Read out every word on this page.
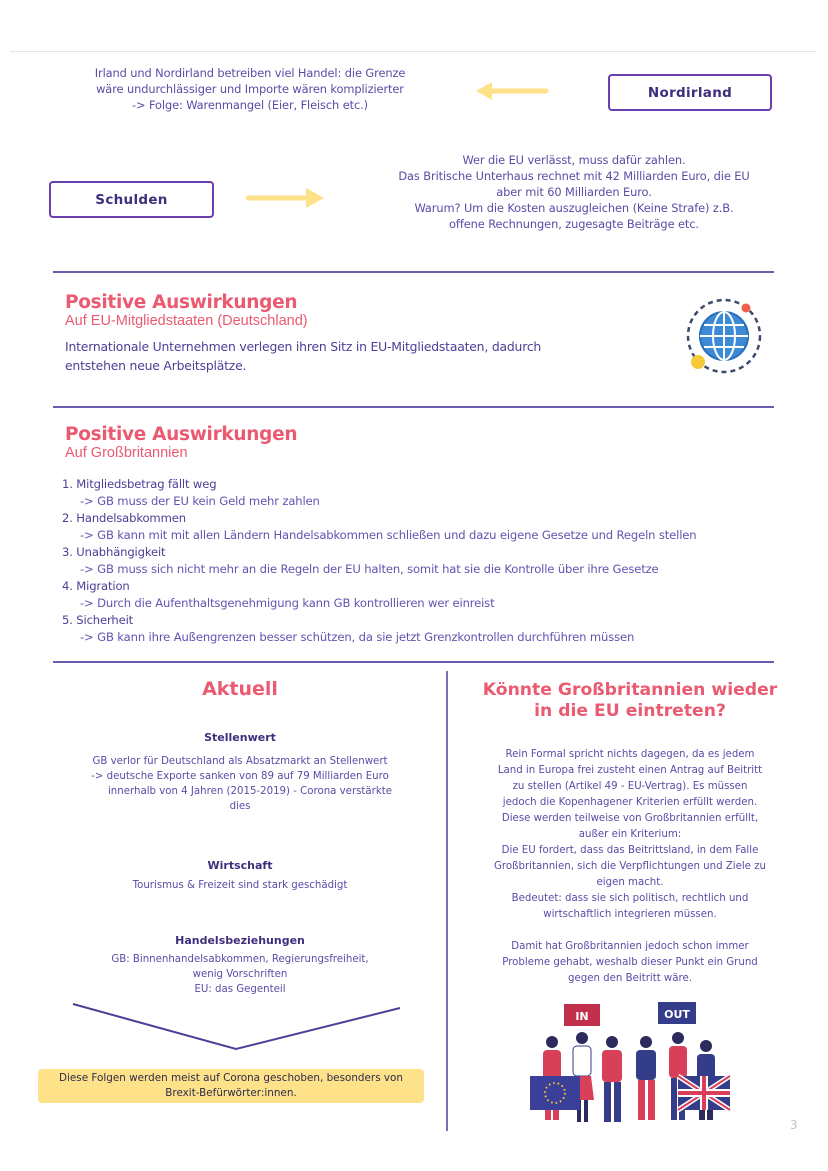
Irland und Nordirland betreiben viel Handel: die Grenze
wäre undurchlässiger und Importe wären komplizierter
-> Folge: Warenmangel (Eier, Fleisch etc.)
Nordirland
Schulden
Wer die EU verlässt, muss dafür zahlen.
Das Britische Unterhaus rechnet mit 42 Milliarden Euro, die EU
aber mit 60 Milliarden Euro.
Warum? Um die Kosten auszugleichen (Keine Strafe) z.B.
offene Rechnungen, zugesagte Beiträge etc.
Positive Auswirkungen
Auf EU-Mitgliedstaaten (Deutschland)
Internationale Unternehmen verlegen ihren Sitz in EU-Mitgliedstaaten, dadurch
entstehen neue Arbeitsplätze.
Positive Auswirkungen
Auf Großbritannien
1. Mitgliedsbetrag fällt weg
-> GB muss der EU kein Geld mehr zahlen
2. Handelsabkommen
-> GB kann mit mit allen Ländern Handelsabkommen schließen und dazu eigene Gesetze und Regeln stellen
3. Unabhängigkeit
-> GB muss sich nicht mehr an die Regeln der EU halten, somit hat sie die Kontrolle über ihre Gesetze
4. Migration
-> Durch die Aufenthaltsgenehmigung kann GB kontrollieren wer einreist
5. Sicherheit
-> GB kann ihre Außengrenzen besser schützen, da sie jetzt Grenzkontrollen durchführen müssen
Aktuell
Stellenwert
GB verlor für Deutschland als Absatzmarkt an Stellenwert
-> deutsche Exporte sanken von 89 auf 79 Milliarden Euro
innerhalb von 4 Jahren (2015-2019) - Corona verstärkte
dies
Wirtschaft
Tourismus & Freizeit sind stark geschädigt
Handelsbeziehungen
GB: Binnenhandelsabkommen, Regierungsfreiheit,
wenig Vorschriften
EU: das Gegenteil
Diese Folgen werden meist auf Corona geschoben, besonders von
Brexit-Befürwörter:innen.
Könnte Großbritannien wieder
in die EU eintreten?
Rein Formal spricht nichts dagegen, da es jedem
Land in Europa frei zusteht einen Antrag auf Beitritt
zu stellen (Artikel 49 - EU-Vertrag). Es müssen
jedoch die Kopenhagener Kriterien erfüllt werden.
Diese werden teilweise von Großbritannien erfüllt,
außer ein Kriterium:
Die EU fordert, dass das Beitrittsland, in dem Falle
Großbritannien, sich die Verpflichtungen und Ziele zu
eigen macht.
Bedeutet: dass sie sich politisch, rechtlich und
wirtschaftlich integrieren müssen.
Damit hat Großbritannien jedoch schon immer
Probleme gehabt, weshalb dieser Punkt ein Grund
gegen den Beitritt wäre.
IN	OUT
3
